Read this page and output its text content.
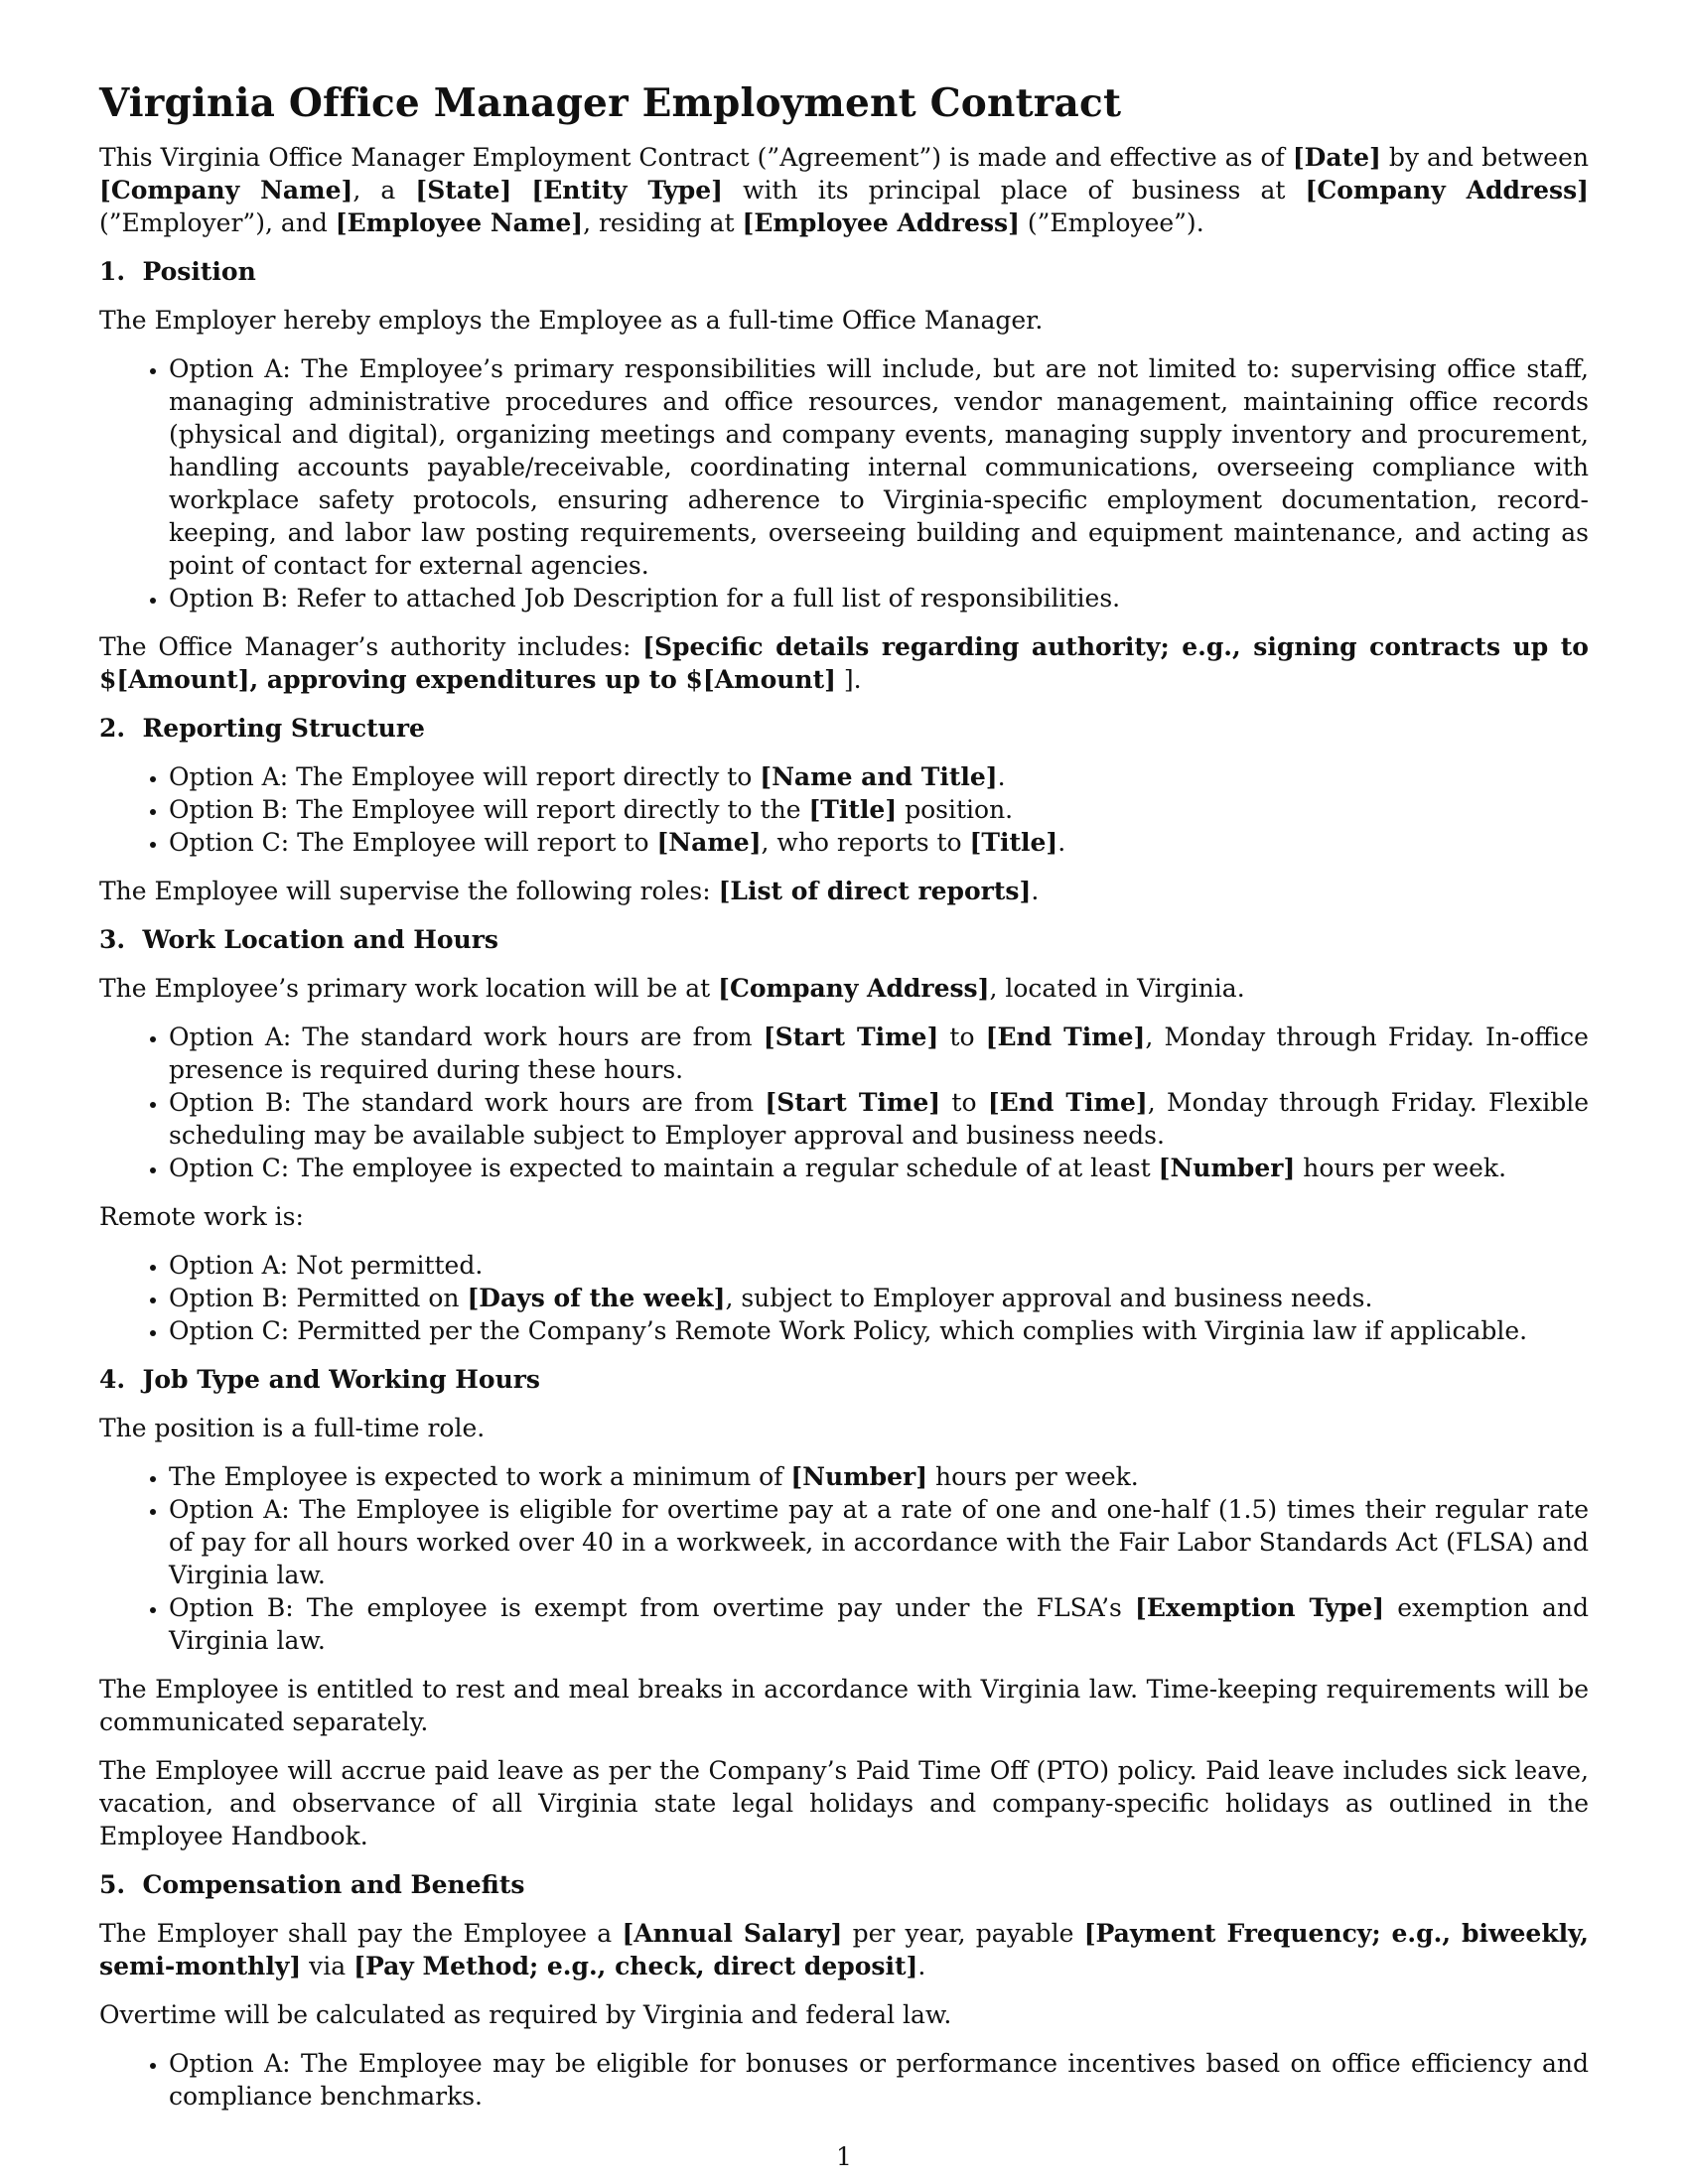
Virginia Office Manager Employment Contract

This Virginia Office Manager Employment Contract (”Agreement”) is made and effective as of [Date] by and between [Company Name], a [State] [Entity Type] with its principal place of business at [Company Address] (”Employer”), and [Employee Name], residing at [Employee Address] (”Employee”).

1.  Position

The Employer hereby employs the Employee as a full-time Office Manager.

• Option A: The Employee’s primary responsibilities will include, but are not limited to: supervising office staff, managing administrative procedures and office resources, vendor management, maintaining office records (physical and digital), organizing meetings and company events, managing supply inventory and procurement, handling accounts payable/receivable, coordinating internal communications, overseeing compliance with workplace safety protocols, ensuring adherence to Virginia-specific employment documentation, record-keeping, and labor law posting requirements, overseeing building and equipment maintenance, and acting as point of contact for external agencies.
• Option B: Refer to attached Job Description for a full list of responsibilities.

The Office Manager’s authority includes: [Specific details regarding authority; e.g., signing contracts up to $[Amount], approving expenditures up to $[Amount] ].

2.  Reporting Structure
• Option A: The Employee will report directly to [Name and Title].
• Option B: The Employee will report directly to the [Title] position.
• Option C: The Employee will report to [Name], who reports to [Title].

The Employee will supervise the following roles: [List of direct reports].

3.  Work Location and Hours

The Employee’s primary work location will be at [Company Address], located in Virginia.

• Option A: The standard work hours are from [Start Time] to [End Time], Monday through Friday. In-office presence is required during these hours.
• Option B: The standard work hours are from [Start Time] to [End Time], Monday through Friday. Flexible scheduling may be available subject to Employer approval and business needs.
• Option C: The employee is expected to maintain a regular schedule of at least [Number] hours per week.

Remote work is:

• Option A: Not permitted.
• Option B: Permitted on [Days of the week], subject to Employer approval and business needs.
• Option C: Permitted per the Company’s Remote Work Policy, which complies with Virginia law if applicable.
4.  Job Type and Working Hours

The position is a full-time role.

• The Employee is expected to work a minimum of [Number] hours per week.
• Option A: The Employee is eligible for overtime pay at a rate of one and one-half (1.5) times their regular rate of pay for all hours worked over 40 in a workweek, in accordance with the Fair Labor Standards Act (FLSA) and Virginia law.
• Option B: The employee is exempt from overtime pay under the FLSA’s [Exemption Type] exemption and Virginia law.

The Employee is entitled to rest and meal breaks in accordance with Virginia law. Time-keeping requirements will be communicated separately.

The Employee will accrue paid leave as per the Company’s Paid Time Off (PTO) policy. Paid leave includes sick leave, vacation, and observance of all Virginia state legal holidays and company-specific holidays as outlined in the Employee Handbook.

5.  Compensation and Benefits

The Employer shall pay the Employee a [Annual Salary] per year, payable [Payment Frequency; e.g., biweekly, semi-monthly] via [Pay Method; e.g., check, direct deposit].

Overtime will be calculated as required by Virginia and federal law.

• Option A: The Employee may be eligible for bonuses or performance incentives based on office efficiency and compliance benchmarks.
1
